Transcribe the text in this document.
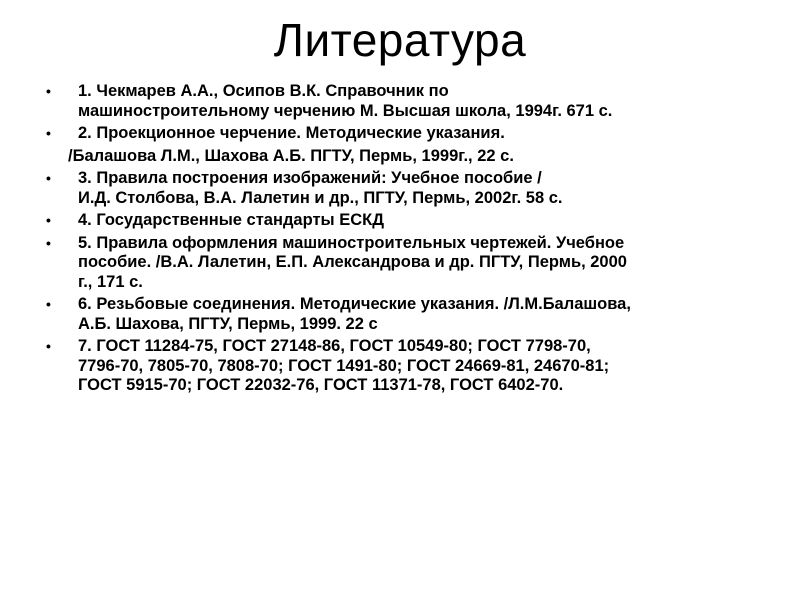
Литература
•	1. Чекмарев А.А., Осипов В.К. Справочник по
машиностроительному черчению М. Высшая школа, 1994г. 671 с.
•	2. Проекционное черчение. Методические указания.
/Балашова Л.М., Шахова А.Б. ПГТУ, Пермь, 1999г., 22 с.
•	3. Правила построения изображений: Учебное пособие /
И.Д. Столбова, В.А. Лалетин и др., ПГТУ, Пермь, 2002г. 58 с.
•	4. Государственные стандарты ЕСКД
•	5. Правила оформления машиностроительных чертежей. Учебное
пособие. /В.А. Лалетин, Е.П. Александрова и др. ПГТУ, Пермь, 2000
г., 171 с.
•	6. Резьбовые соединения. Методические указания. /Л.М.Балашова,
А.Б. Шахова, ПГТУ, Пермь, 1999. 22 с
•	7. ГОСТ 11284-75, ГОСТ 27148-86, ГОСТ 10549-80; ГОСТ 7798-70,
7796-70, 7805-70, 7808-70; ГОСТ 1491-80; ГОСТ 24669-81, 24670-81;
ГОСТ 5915-70; ГОСТ 22032-76, ГОСТ 11371-78, ГОСТ 6402-70.
